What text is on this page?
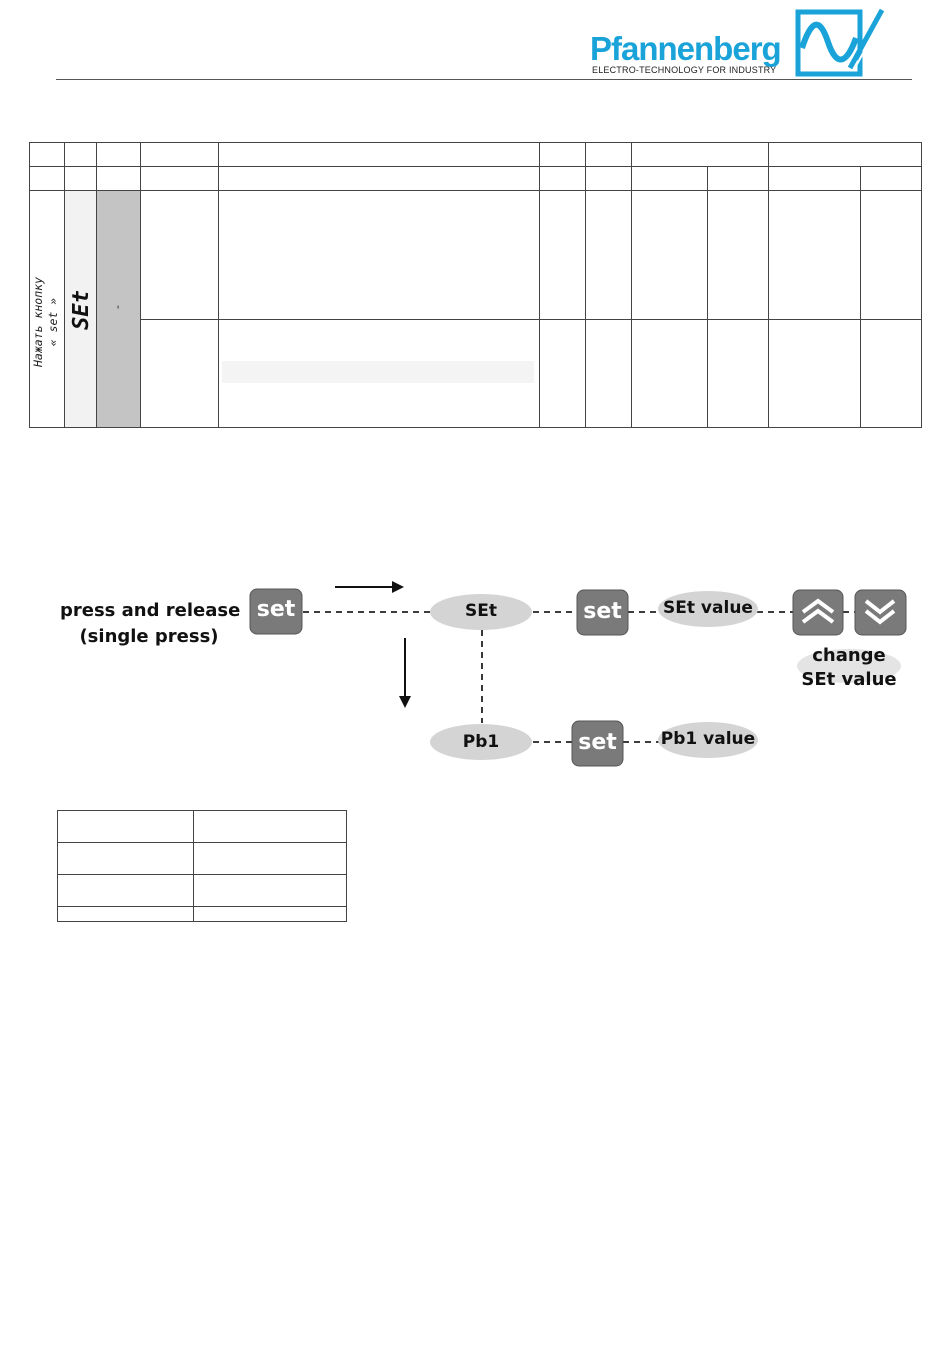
Pfannenberg
ELECTRO-TECHNOLOGY FOR INDUSTRY
Нажать кнопку
« set » SEt -
press and release
(single press)
set	set
set
SEt	SEt value
Pb1	Pb1 value
change
SEt value
